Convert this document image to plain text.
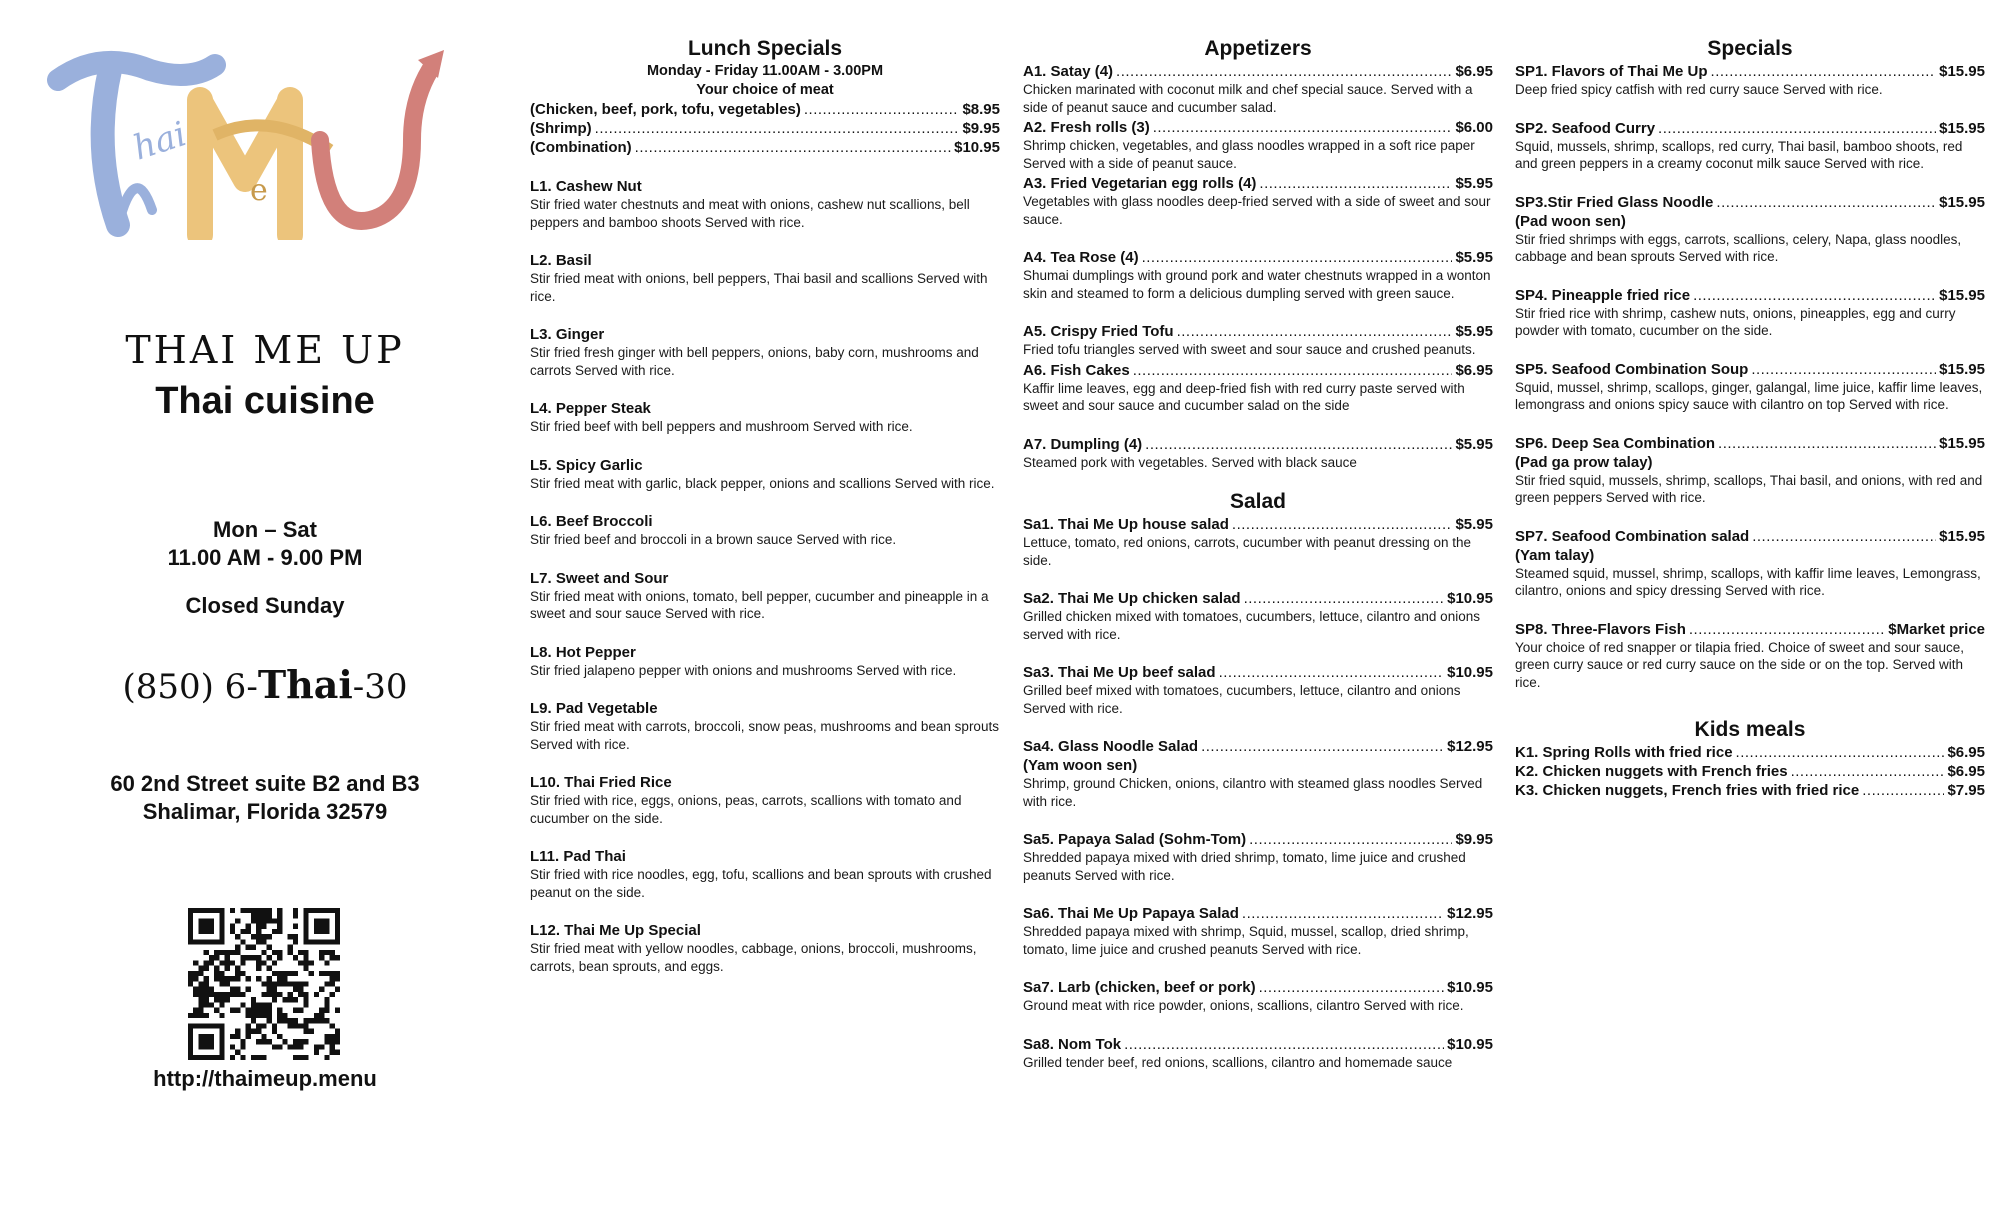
hai
e
THAI ME UP
Thai cuisine
Mon – Sat
11.00 AM - 9.00 PM
Closed Sunday
(850) 6-Thai-30
60 2nd Street suite B2 and B3
Shalimar, Florida 32579
http://thaimeup.menu
Lunch Specials
Monday - Friday 11.00AM - 3.00PM
Your choice of meat
(Chicken, beef, pork, tofu, vegetables) .....	$8.95
(Shrimp) .....	$9.95
(Combination) .....	$10.95
L1. Cashew Nut
Stir fried water chestnuts and meat with onions, cashew nut scallions, bell peppers and bamboo shoots Served with rice.
L2. Basil
Stir fried meat with onions, bell peppers, Thai basil and scallions Served with rice.
L3. Ginger
Stir fried fresh ginger with bell peppers, onions, baby corn, mushrooms and carrots Served with rice.
L4. Pepper Steak
Stir fried beef with bell peppers and mushroom Served with rice.
L5. Spicy Garlic
Stir fried meat with garlic, black pepper, onions and scallions Served with rice.
L6. Beef Broccoli
Stir fried beef and broccoli in a brown sauce Served with rice.
L7. Sweet and Sour
Stir fried meat with onions, tomato, bell pepper, cucumber and pineapple in a sweet and sour sauce Served with rice.
L8. Hot Pepper
Stir fried jalapeno pepper with onions and mushrooms Served with rice.
L9. Pad Vegetable
Stir fried meat with carrots, broccoli, snow peas, mushrooms and bean sprouts Served with rice.
L10. Thai Fried Rice
Stir fried with rice, eggs, onions, peas, carrots, scallions with tomato and cucumber on the side.
L11. Pad Thai
Stir fried with rice noodles, egg, tofu, scallions and bean sprouts with crushed peanut on the side.
L12. Thai Me Up Special
Stir fried meat with yellow noodles, cabbage, onions, broccoli, mushrooms, carrots, bean sprouts, and eggs.
Appetizers
A1. Satay (4) .....	$6.95
Chicken marinated with coconut milk and chef special sauce. Served with a side of peanut sauce and cucumber salad.
A2. Fresh rolls (3) .....	$6.00
Shrimp chicken, vegetables, and glass noodles wrapped in a soft rice paper Served with a side of peanut sauce.
A3. Fried Vegetarian egg rolls (4) .....	$5.95
Vegetables with glass noodles deep-fried served with a side of sweet and sour sauce.
A4. Tea Rose (4) .....	$5.95
Shumai dumplings with ground pork and water chestnuts wrapped in a wonton skin and steamed to form a delicious dumpling served with green sauce.
A5. Crispy Fried Tofu .....	$5.95
Fried tofu triangles served with sweet and sour sauce and crushed peanuts.
A6. Fish Cakes .....	$6.95
Kaffir lime leaves, egg and deep-fried fish with red curry paste served with sweet and sour sauce and cucumber salad on the side
A7. Dumpling (4) .....	$5.95
Steamed pork with vegetables. Served with black sauce
Salad
Sa1. Thai Me Up house salad .....	$5.95
Lettuce, tomato, red onions, carrots, cucumber with peanut dressing on the side.
Sa2. Thai Me Up chicken salad .....	$10.95
Grilled chicken mixed with tomatoes, cucumbers, lettuce, cilantro and onions served with rice.
Sa3. Thai Me Up beef salad .....	$10.95
Grilled beef mixed with tomatoes, cucumbers, lettuce, cilantro and onions Served with rice.
Sa4. Glass Noodle Salad .....	$12.95
(Yam woon sen)
Shrimp, ground Chicken, onions, cilantro with steamed glass noodles Served with rice.
Sa5. Papaya Salad (Sohm-Tom) .....	$9.95
Shredded papaya mixed with dried shrimp, tomato, lime juice and crushed peanuts Served with rice.
Sa6. Thai Me Up Papaya Salad .....	$12.95
Shredded papaya mixed with shrimp, Squid, mussel, scallop, dried shrimp, tomato, lime juice and crushed peanuts Served with rice.
Sa7. Larb (chicken, beef or pork) .....	$10.95
Ground meat with rice powder, onions, scallions, cilantro Served with rice.
Sa8. Nom Tok .....	$10.95
Grilled tender beef, red onions, scallions, cilantro and homemade sauce
Specials
SP1. Flavors of Thai Me Up .....	$15.95
Deep fried spicy catfish with red curry sauce Served with rice.
SP2. Seafood Curry .....	$15.95
Squid, mussels, shrimp, scallops, red curry, Thai basil, bamboo shoots, red and green peppers in a creamy coconut milk sauce Served with rice.
SP3.Stir Fried Glass Noodle .....	$15.95
(Pad woon sen)
Stir fried shrimps with eggs, carrots, scallions, celery, Napa, glass noodles, cabbage and bean sprouts Served with rice.
SP4. Pineapple fried rice .....	$15.95
Stir fried rice with shrimp, cashew nuts, onions, pineapples, egg and curry powder with tomato, cucumber on the side.
SP5. Seafood Combination Soup .....	$15.95
Squid, mussel, shrimp, scallops, ginger, galangal, lime juice, kaffir lime leaves, lemongrass and onions spicy sauce with cilantro on top Served with rice.
SP6. Deep Sea Combination .....	$15.95
(Pad ga prow talay)
Stir fried squid, mussels, shrimp, scallops, Thai basil, and onions, with red and green peppers Served with rice.
SP7. Seafood Combination salad .....	$15.95
(Yam talay)
Steamed squid, mussel, shrimp, scallops, with kaffir lime leaves, Lemongrass, cilantro, onions and spicy dressing Served with rice.
SP8. Three-Flavors Fish .....	$Market price
Your choice of red snapper or tilapia fried. Choice of sweet and sour sauce, green curry sauce or red curry sauce on the side or on the top. Served with rice.
Kids meals
K1. Spring Rolls with fried rice .....	$6.95
K2. Chicken nuggets with French fries .....	$6.95
K3. Chicken nuggets, French fries with fried rice .....	$7.95
